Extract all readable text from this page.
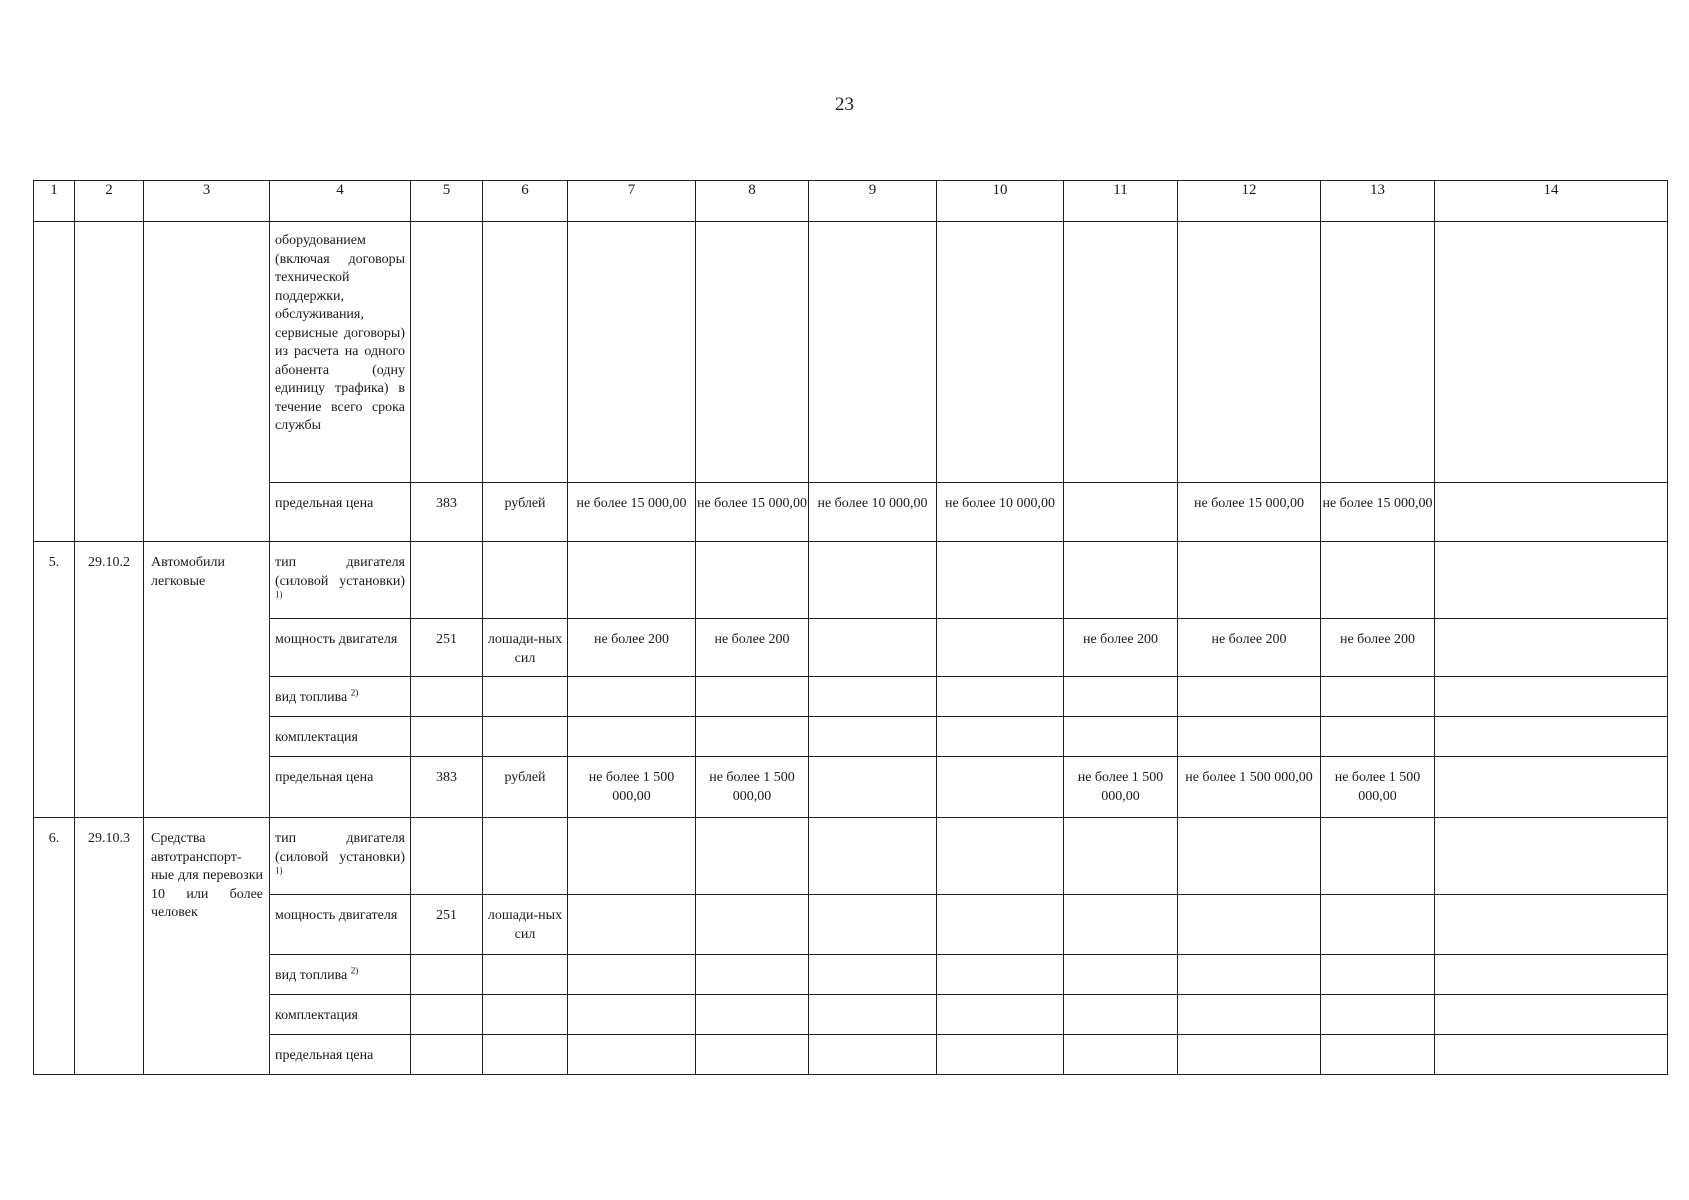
23
1	2	3	4	5	6	7	8	9	10	11	12	13	14
			оборудованием (включая договоры технической поддержки, обслуживания, сервисные договоры) из расчета на одного абонента (одну единицу трафика) в течение всего срока службы										
			предельная цена	383	рублей	не более 15 000,00	не более 15 000,00	не более 10 000,00	не более 10 000,00		не более 15 000,00	не более 15 000,00	
5.	29.10.2	Автомобили легковые	тип двигателя (силовой установки) $^{1)}$										
			мощность двигателя	251	лошади-ных сил	не более 200	не более 200			не более 200	не более 200	не более 200	
			вид топлива $^{2)}$										
			комплектация										
			предельная цена	383	рублей	не более 1 500 000,00	не более 1 500 000,00			не более 1 500 000,00	не более 1 500 000,00	не более 1 500 000,00	
6.	29.10.3	Средства автотранспорт-ные для перевозки 10 или более человек	тип двигателя (силовой установки) $^{1)}$										
			мощность двигателя	251	лошади-ных сил								
			вид топлива $^{2)}$										
			комплектация										
			предельная цена										
